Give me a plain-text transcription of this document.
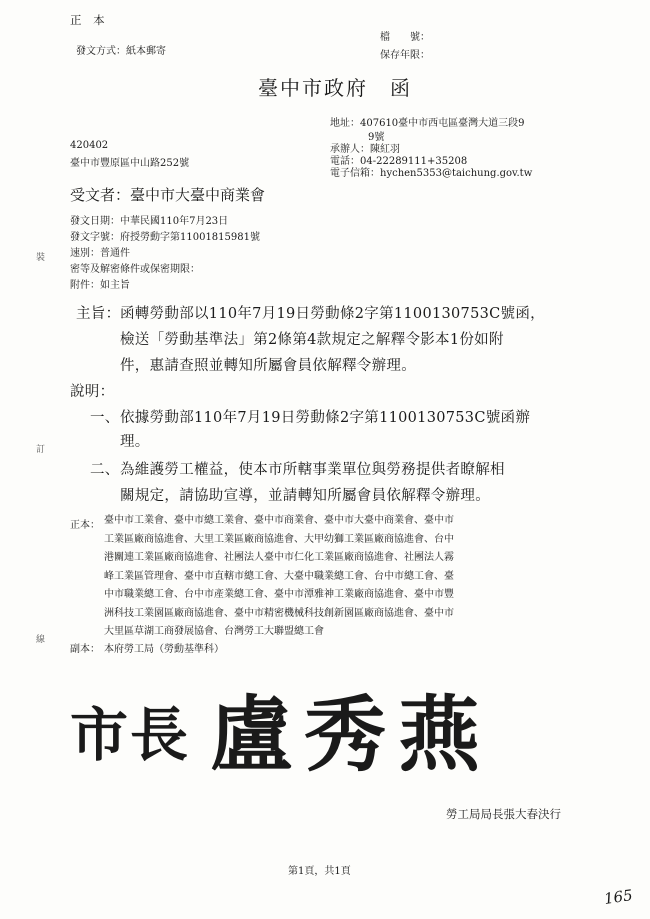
正 本
檔　　號：
保存年限：
發文方式：紙本郵寄
臺中市政府　函
地址：407610臺中市西屯區臺灣大道三段9
9號
承辦人：陳紅羽
電話：04-22289111+35208
電子信箱：hychen5353@taichung.gov.tw
420402
臺中市豐原區中山路252號
受文者：臺中市大臺中商業會
發文日期：中華民國110年7月23日
發文字號：府授勞動字第11001815981號
速別：普通件
密等及解密條件或保密期限：
附件：如主旨
裝
訂
線
主旨： 函轉勞動部以110年7月19日勞動條2字第1100130753C號函，
檢送「勞動基準法」第2條第4款規定之解釋令影本1份如附
件，惠請查照並轉知所屬會員依解釋令辦理。
說明：
一、 依據勞動部110年7月19日勞動條2字第1100130753C號函辦
理。
二、 為維護勞工權益，使本市所轄事業單位與勞務提供者瞭解相
關規定，請協助宣導，並請轉知所屬會員依解釋令辦理。
正本： 臺中市工業會、臺中市總工業會、臺中市商業會、臺中市大臺中商業會、臺中市
工業區廠商協進會、大里工業區廠商協進會、大甲幼獅工業區廠商協進會、台中
港關連工業區廠商協進會、社團法人臺中市仁化工業區廠商協進會、社團法人霧
峰工業區管理會、臺中市直轄市總工會、大臺中職業總工會、台中市總工會、臺
中市職業總工會、台中市產業總工會、臺中市潭雅神工業廠商協進會、臺中市豐
洲科技工業園區廠商協進會、臺中市精密機械科技創新園區廠商協進會、臺中市
大里區草湖工商發展協會、台灣勞工大聯盟總工會
副本： 本府勞工局（勞動基準科）
市長 盧秀燕
勞工局局長張大春決行
第1頁，共1頁
165
